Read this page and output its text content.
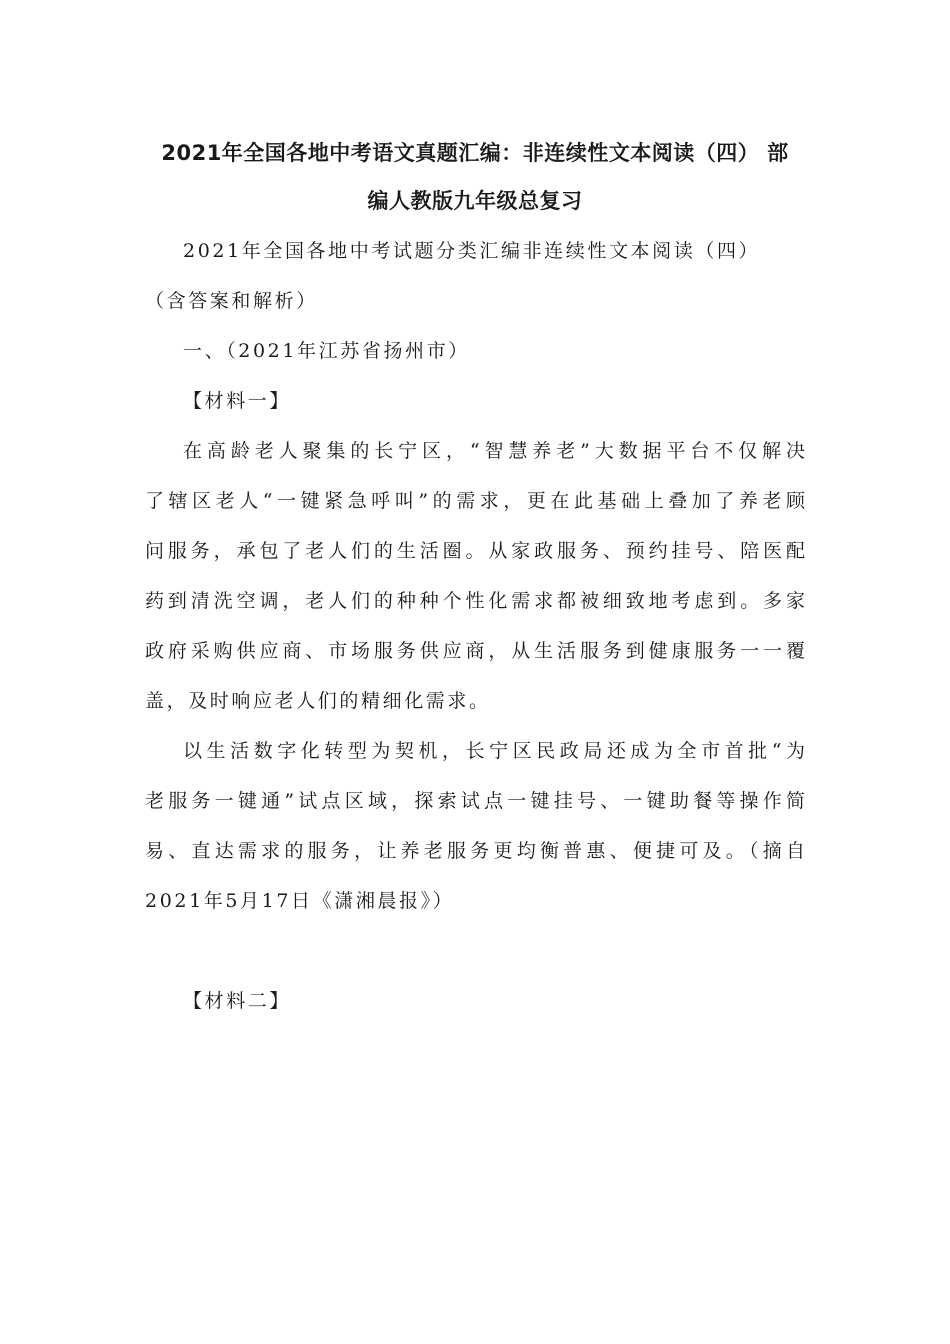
2021年全国各地中考语文真题汇编：非连续性文本阅读（四） 部

编人教版九年级总复习

2021年全国各地中考试题分类汇编非连续性文本阅读（四）

（含答案和解析）

一、（2021年江苏省扬州市）

【材料一】

在高龄老人聚集的长宁区，“智慧养老”大数据平台不仅解决

了辖区老人“一键紧急呼叫”的需求，更在此基础上叠加了养老顾

问服务，承包了老人们的生活圈。从家政服务、预约挂号、陪医配

药到清洗空调，老人们的种种个性化需求都被细致地考虑到。多家

政府采购供应商、市场服务供应商，从生活服务到健康服务一一覆

盖，及时响应老人们的精细化需求。

以生活数字化转型为契机，长宁区民政局还成为全市首批“为

老服务一键通”试点区域，探索试点一键挂号、一键助餐等操作简

易、直达需求的服务，让养老服务更均衡普惠、便捷可及。（摘自

2021年5月17日《潇湘晨报》）

【材料二】
